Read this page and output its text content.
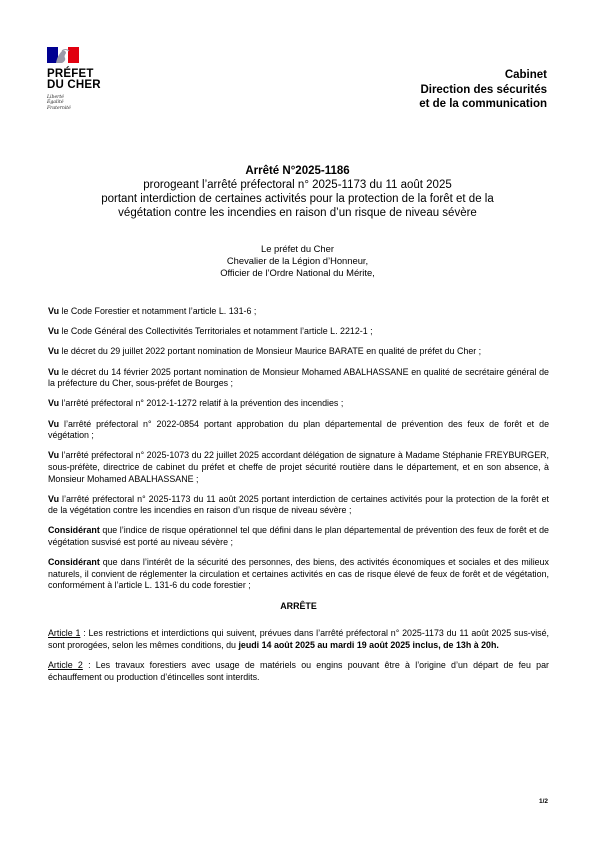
PRÉFET
DU CHER
Liberté
Égalité
Fraternité
Cabinet
Direction des sécurités
et de la communication
Arrêté N°2025-1186
prorogeant l’arrêté préfectoral n° 2025-1173 du 11 août 2025
portant interdiction de certaines activités pour la protection de la forêt et de la
végétation contre les incendies en raison d’un risque de niveau sévère
Le préfet du Cher
Chevalier de la Légion d’Honneur,
Officier de l’Ordre National du Mérite,

Vu le Code Forestier et notamment l’article L. 131-6 ;

Vu le Code Général des Collectivités Territoriales et notamment l’article L. 2212-1 ;

Vu le décret du 29 juillet 2022 portant nomination de Monsieur Maurice BARATE en qualité de préfet du Cher ;

Vu le décret du 14 février 2025 portant nomination de Monsieur Mohamed ABALHASSANE en qualité de secrétaire général de la préfecture du Cher, sous-préfet de Bourges ;

Vu l’arrêté préfectoral n° 2012-1-1272 relatif à la prévention des incendies ;

Vu l’arrêté préfectoral n° 2022-0854 portant approbation du plan départemental de prévention des feux de forêt et de végétation ;

Vu l’arrêté préfectoral n° 2025-1073 du 22 juillet 2025 accordant délégation de signature à Madame Stéphanie FREYBURGER, sous-préfète, directrice de cabinet du préfet et cheffe de projet sécurité routière dans le département, et en son absence, à Monsieur Mohamed ABALHASSANE ;

Vu l’arrêté préfectoral n° 2025-1173 du 11 août 2025 portant interdiction de certaines activités pour la protection de la forêt et de la végétation contre les incendies en raison d’un risque de niveau sévère ;

Considérant que l’indice de risque opérationnel tel que défini dans le plan départemental de prévention des feux de forêt et de végétation susvisé est porté au niveau sévère ;

Considérant que dans l’intérêt de la sécurité des personnes, des biens, des activités économiques et sociales et des milieux naturels, il convient de réglementer la circulation et certaines activités en cas de risque élevé de feux de forêt et de végétation, conformément à l’article L. 131-6 du code forestier ;

ARRÊTE

Article 1 : Les restrictions et interdictions qui suivent, prévues dans l’arrêté préfectoral n° 2025-1173 du 11 août 2025 sus-visé, sont prorogées, selon les mêmes conditions, du jeudi 14 août 2025 au mardi 19 août 2025 inclus, de 13h à 20h.

Article 2 : Les travaux forestiers avec usage de matériels ou engins pouvant être à l’origine d’un départ de feu par échauffement ou production d’étincelles sont interdits.

1/2
